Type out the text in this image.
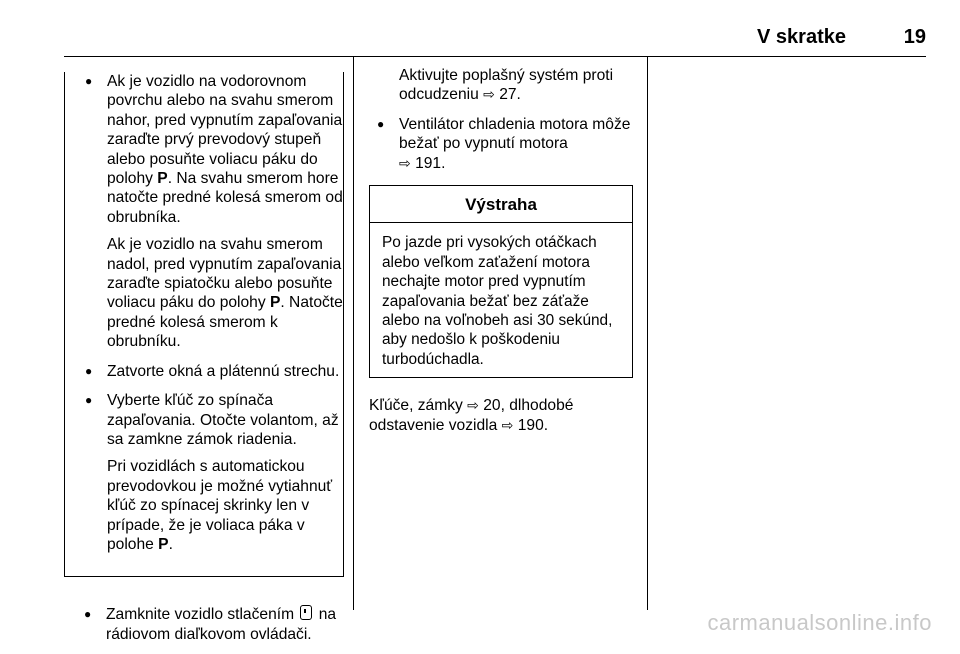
V skratke	19

● Ak je vozidlo na vodorovnom povrchu alebo na svahu smerom nahor, pred vypnutím zapaľovania zaraďte prvý prevodový stupeň alebo posuňte voliacu páku do polohy P. Na svahu smerom hore natočte predné kolesá smerom od obrubníka.

Ak je vozidlo na svahu smerom nadol, pred vypnutím zapaľovania zaraďte spiatočku alebo posuňte voliacu páku do polohy P. Natočte predné kolesá smerom k obrubníku.

● Zatvorte okná a plátennú strechu.

● Vyberte kľúč zo spínača zapaľovania. Otočte volantom, až sa zamkne zámok riadenia.

Pri vozidlách s automatickou prevodovkou je možné vytiahnuť kľúč zo spínacej skrinky len v prípade, že je voliaca páka v polohe P.

● Zamknite vozidlo stlačením  na rádiovom diaľkovom ovládači.

Aktivujte poplašný systém proti odcudzeniu ⇨ 27.

● Ventilátor chladenia motora môže bežať po vypnutí motora
⇨ 191.

Výstraha
Po jazde pri vysokých otáčkach alebo veľkom zaťažení motora nechajte motor pred vypnutím zapaľovania bežať bez záťaže alebo na voľnobeh asi 30 sekúnd, aby nedošlo k poškodeniu turbodúchadla.

Kľúče, zámky ⇨ 20, dlhodobé odstavenie vozidla ⇨ 190.

carmanualsonline.info
